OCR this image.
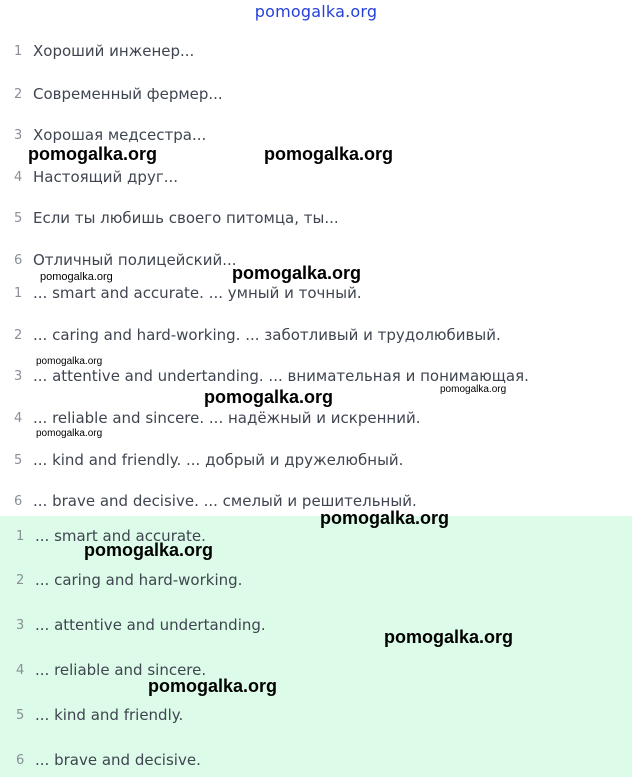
pomogalka.org
1 Хороший инженер...
2 Современный фермер...
3 Хорошая медсестра...
4 Настоящий друг...
5 Если ты любишь своего питомца, ты...
6 Отличный полицейский...
1 ... smart and accurate. ... умный и точный.
2 ... caring and hard-working. ... заботливый и трудолюбивый.
3 ... attentive and undertanding. ... внимательная и понимающая.
4 ... reliable and sincere. ... надёжный и искренний.
5 ... kind and friendly. ... добрый и дружелюбный.
6 ... brave and decisive. ... смелый и решительный.
1 ... smart and accurate.
2 ... caring and hard-working.
3 ... attentive and undertanding.
4 ... reliable and sincere.
5 ... kind and friendly.
6 ... brave and decisive.
pomogalka.org	pomogalka.org
pomogalka.org	pomogalka.org
pomogalka.org
pomogalka.org
pomogalka.org
pomogalka.org
pomogalka.org
pomogalka.org
pomogalka.org
pomogalka.org
